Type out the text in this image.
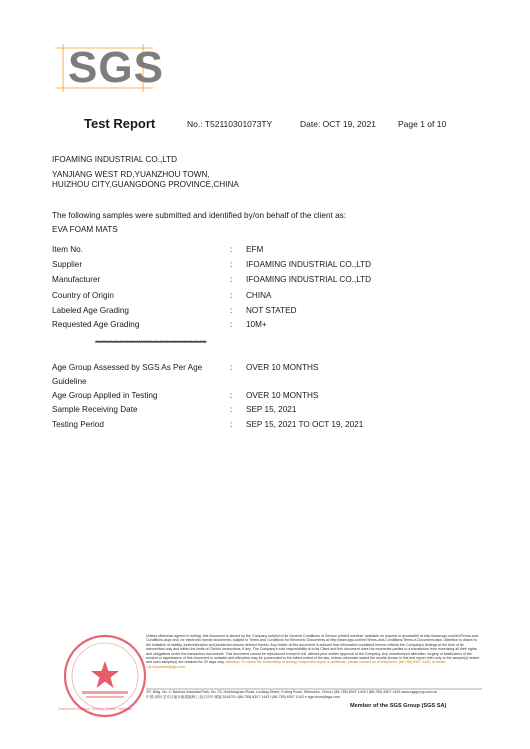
SGS
Test Report	No.: T52110301073TY	Date: OCT 19, 2021	Page 1 of 10
IFOAMING INDUSTRIAL CO.,LTD
YANJIANG WEST RD,YUANZHOU TOWN,
HUIZHOU CITY,GUANGDONG PROVINCE,CHINA
The following samples were submitted and identified by/on behalf of the client as:
EVA FOAM MATS
Item No.	: EFM
Supplier	: IFOAMING INDUSTRIAL CO.,LTD
Manufacturer	: IFOAMING INDUSTRIAL CO.,LTD
Country of Origin	: CHINA
Labeled Age Grading	: NOT STATED
Requested Age Grading	: 10M+
****************************************************************
Age Group Assessed by SGS As Per Age
Guideline
: OVER 10 MONTHS
Age Group Applied in Testing	: OVER 10 MONTHS
Sample Receiving Date	: SEP 15, 2021
Testing Period	: SEP 15, 2021 TO OCT 19, 2021
Shenzhen Branch Testing Center Huizhou
Unless otherwise agreed in writing, this document is issued by the Company subject to its General Conditions of Service printed overleaf, available on request or accessible at http://www.sgs.com/en/Terms-and-Conditions.aspx and, for electronic format documents, subject to Terms and Conditions for Electronic Documents at http://www.sgs.com/en/Terms-and-Conditions/Terms-e-Document.aspx. Attention is drawn to the limitation of liability, indemnification and jurisdiction issues defined therein. Any holder of this document is advised that information contained hereon reflects the Company's findings at the time of its intervention only and within the limits of Client's instructions, if any. The Company's sole responsibility is to its Client and this document does not exonerate parties to a transaction from exercising all their rights and obligations under the transaction documents. This document cannot be reproduced except in full, without prior written approval of the Company. Any unauthorized alteration, forgery or falsification of the content or appearance of this document is unlawful and offenders may be prosecuted to the fullest extent of the law. Unless otherwise stated the results shown in this test report refer only to the sample(s) tested and such sample(s) are retained for 30 days only. Attention: To check the authenticity of testing / inspection report & certificate, please contact us at telephone: (86-755) 8307 1443, or email: CN.Doccheck@sgs.com
2/F, Bldg. No. 4, Baohua Industrial Park, No. 23, Huishanyuan Road, Luxiang Street, Fuxing Road, Shenzhen, China t (86-755) 8307 1443 f (86-755) 8307 1443 www.sgsgroup.com.cn
中国·深圳·宝安区福永街道福海工业区23号 邮编 518103 t (86-755) 8307 1443 f (86-755) 8307 1443 e sgs.china@sgs.com
Member of the SGS Group (SGS SA)
